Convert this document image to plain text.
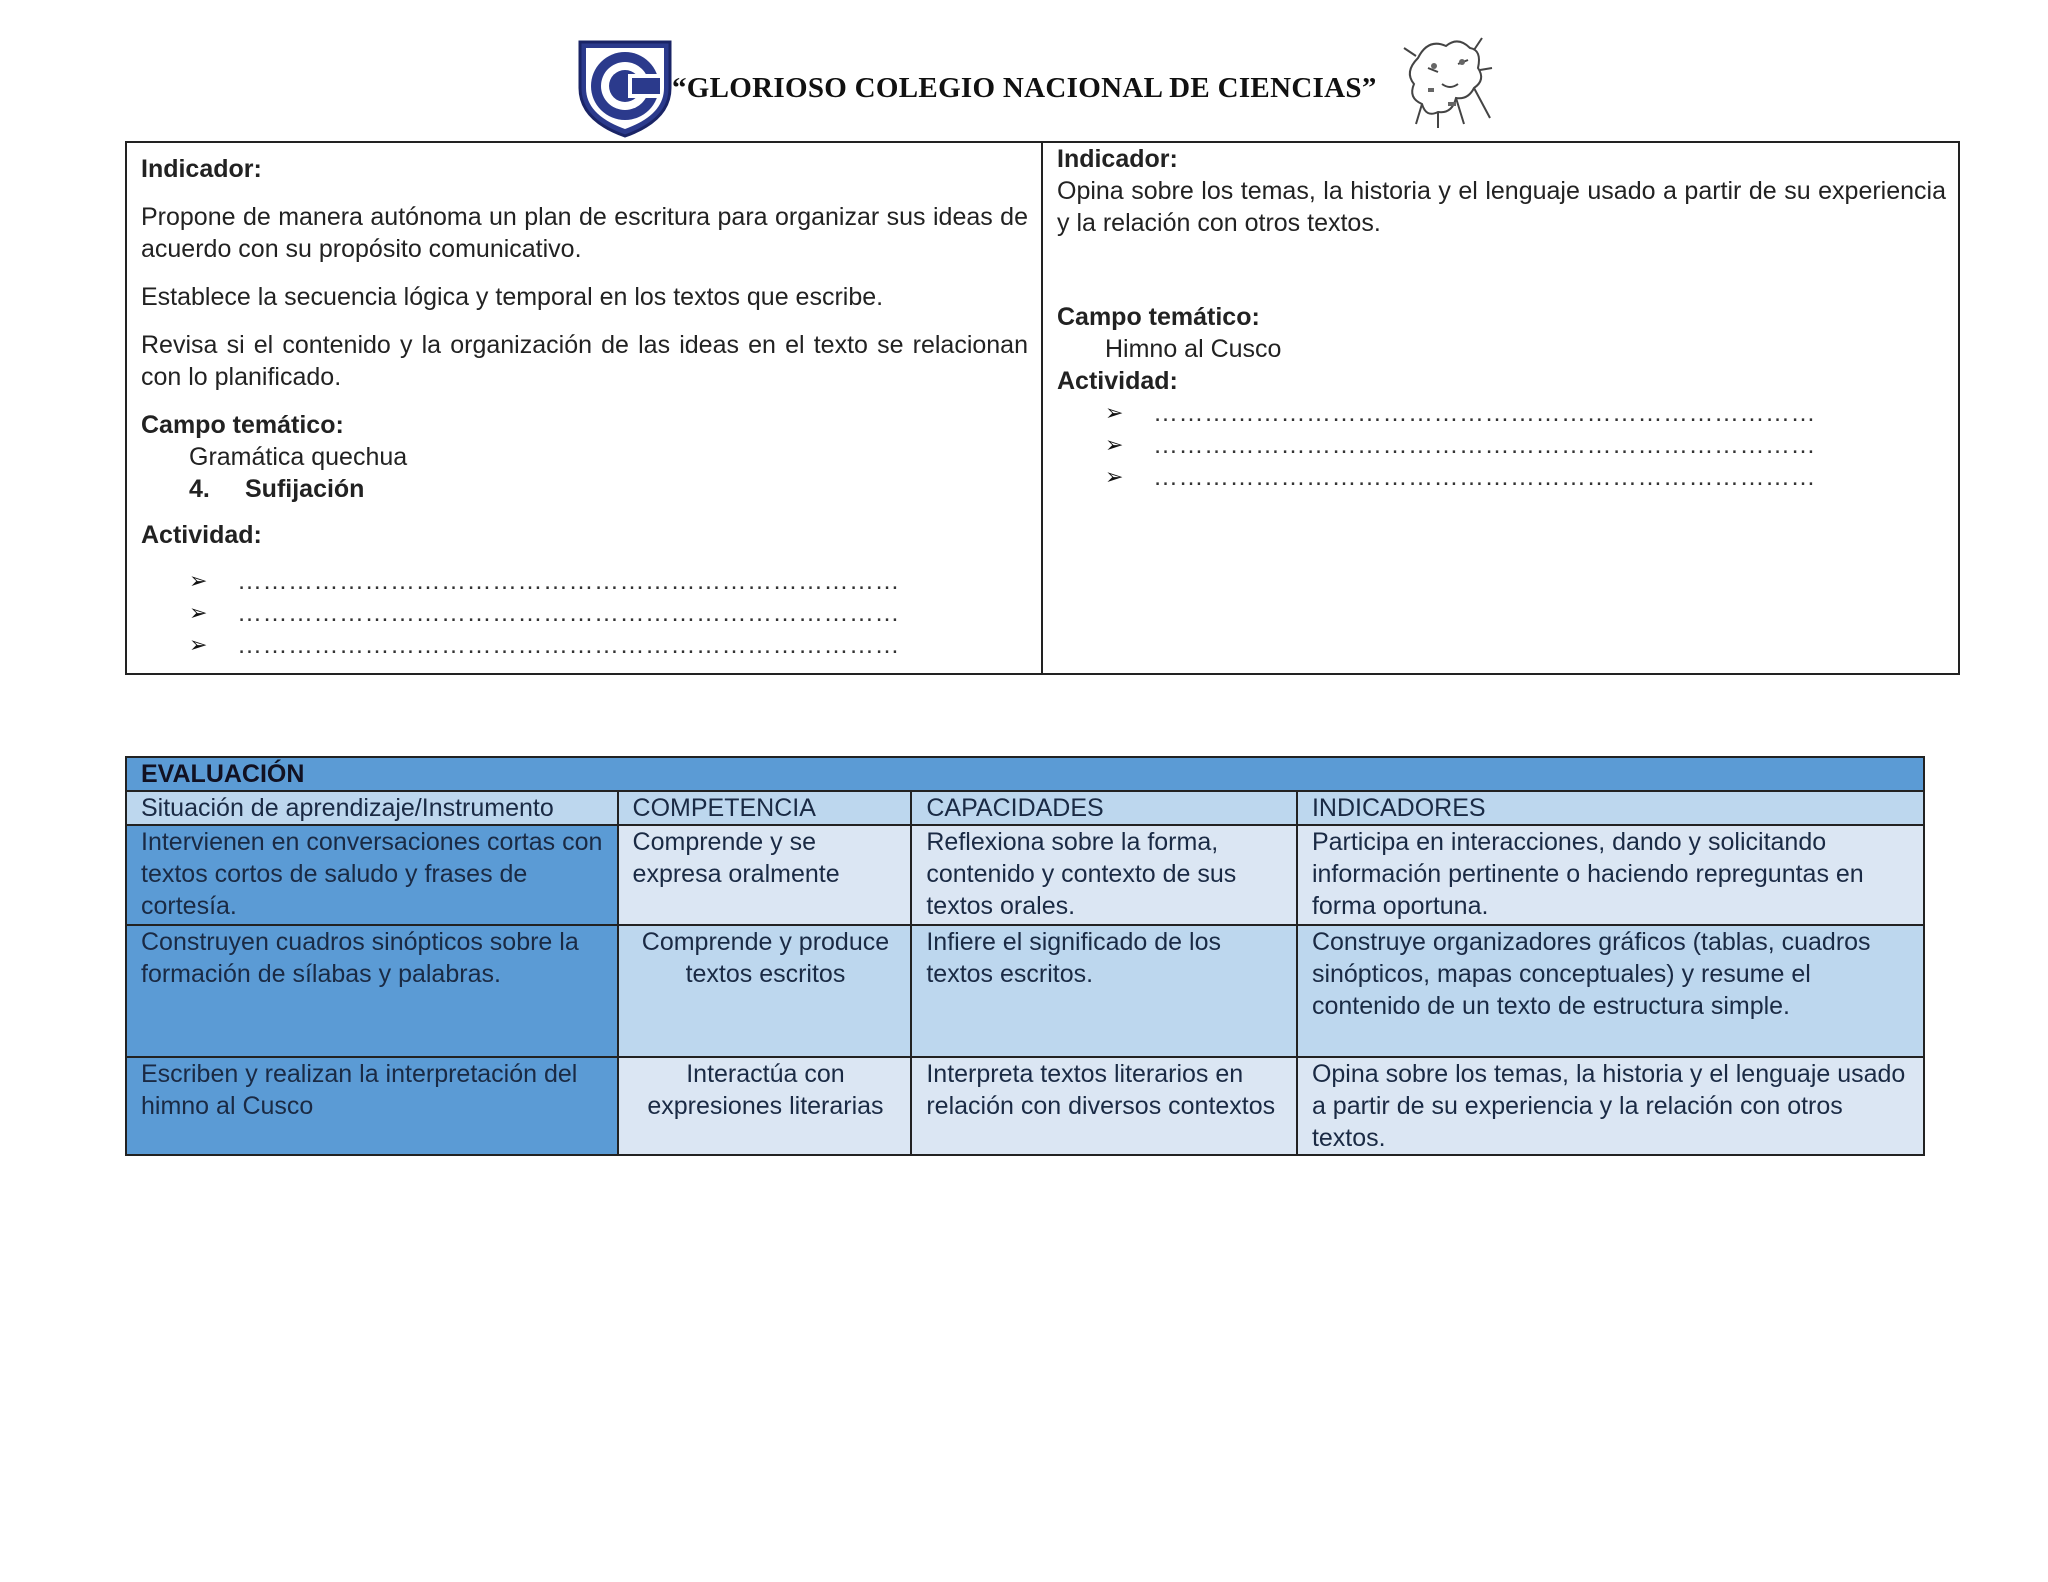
“GLORIOSO COLEGIO NACIONAL DE CIENCIAS”
Indicador:

Propone de manera autónoma un plan de escritura para organizar sus ideas de acuerdo con su propósito comunicativo.

Establece la secuencia lógica y temporal en los textos que escribe.

Revisa si el contenido y la organización de las ideas en el texto se relacionan con lo planificado.

Campo temático:
Gramática quechua
4.	Sufijación
Actividad:
➢	……………………………………………………………………
➢	……………………………………………………………………
➢	……………………………………………………………………
Indicador:

Opina sobre los temas, la historia y el lenguaje usado a partir de su experiencia y la relación con otros textos.

Campo temático:
Himno al Cusco
Actividad:
➢	……………………………………………………………………
➢	……………………………………………………………………
➢	……………………………………………………………………
EVALUACIÓN			
Situación de aprendizaje/Instrumento	COMPETENCIA	CAPACIDADES	INDICADORES
Intervienen en conversaciones cortas con textos cortos de saludo y frases de cortesía.	Comprende y se expresa oralmente	Reflexiona sobre la forma, contenido y contexto de sus textos orales.	Participa en interacciones, dando y solicitando información pertinente o haciendo repreguntas en forma oportuna.
Construyen cuadros sinópticos sobre la formación de sílabas y palabras.	Comprende y produce textos escritos	Infiere el significado de los textos escritos.	Construye organizadores gráficos (tablas, cuadros sinópticos, mapas conceptuales) y resume el contenido de un texto de estructura simple.
Escriben y realizan la interpretación del himno al Cusco	Interactúa con expresiones literarias	Interpreta textos literarios en relación con diversos contextos	Opina sobre los temas, la historia y el lenguaje usado a partir de su experiencia y la relación con otros textos.
